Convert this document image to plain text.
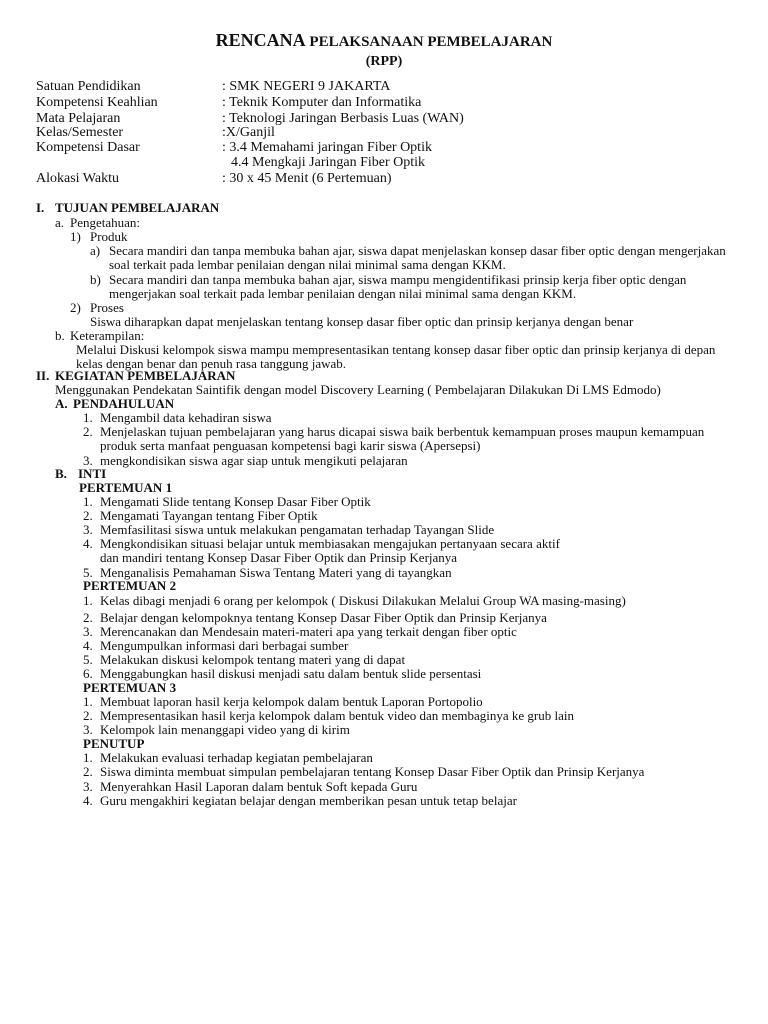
RENCANA PELAKSANAAN PEMBELAJARAN
(RPP)
Satuan Pendidikan	: SMK NEGERI 9 JAKARTA
Kompetensi Keahlian	: Teknik Komputer dan Informatika
Mata Pelajaran	: Teknologi Jaringan Berbasis Luas (WAN)
Kelas/Semester	:X/Ganjil
Kompetensi Dasar	: 3.4 Memahami jaringan Fiber Optik
4.4 Mengkaji Jaringan Fiber Optik
Alokasi Waktu	: 30 x 45 Menit (6 Pertemuan)
I. TUJUAN PEMBELAJARAN
a. Pengetahuan:
1) Produk
a) Secara mandiri dan tanpa membuka bahan ajar, siswa dapat menjelaskan konsep dasar fiber optic dengan mengerjakan
soal terkait pada lembar penilaian dengan nilai minimal sama dengan KKM.
b) Secara mandiri dan tanpa membuka bahan ajar, siswa mampu mengidentifikasi prinsip kerja fiber optic dengan
mengerjakan soal terkait pada lembar penilaian dengan nilai minimal sama dengan KKM.
2) Proses
Siswa diharapkan dapat menjelaskan tentang konsep dasar fiber optic dan prinsip kerjanya dengan benar
b. Keterampilan:
Melalui Diskusi kelompok siswa mampu mempresentasikan tentang konsep dasar fiber optic dan prinsip kerjanya di depan
kelas dengan benar dan penuh rasa tanggung jawab.
II. KEGIATAN PEMBELAJARAN
Menggunakan Pendekatan Saintifik dengan model Discovery Learning ( Pembelajaran Dilakukan Di LMS Edmodo)
A. PENDAHULUAN
1. Mengambil data kehadiran siswa
2. Menjelaskan tujuan pembelajaran yang harus dicapai siswa baik berbentuk kemampuan proses maupun kemampuan
produk serta manfaat penguasan kompetensi bagi karir siswa (Apersepsi)
3. mengkondisikan siswa agar siap untuk mengikuti pelajaran
B. INTI
PERTEMUAN 1
1. Mengamati Slide tentang Konsep Dasar Fiber Optik
2. Mengamati Tayangan tentang Fiber Optik
3. Memfasilitasi siswa untuk melakukan pengamatan terhadap Tayangan Slide
4. Mengkondisikan situasi belajar untuk membiasakan mengajukan pertanyaan secara aktif
dan mandiri tentang Konsep Dasar Fiber Optik dan Prinsip Kerjanya
5. Menganalisis Pemahaman Siswa Tentang Materi yang di tayangkan
PERTEMUAN 2
1. Kelas dibagi menjadi 6 orang per kelompok ( Diskusi Dilakukan Melalui Group WA masing-masing)
2. Belajar dengan kelompoknya tentang Konsep Dasar Fiber Optik dan Prinsip Kerjanya
3. Merencanakan dan Mendesain materi-materi apa yang terkait dengan fiber optic
4. Mengumpulkan informasi dari berbagai sumber
5. Melakukan diskusi kelompok tentang materi yang di dapat
6. Menggabungkan hasil diskusi menjadi satu dalam bentuk slide persentasi
PERTEMUAN 3
1. Membuat laporan hasil kerja kelompok dalam bentuk Laporan Portopolio
2. Mempresentasikan hasil kerja kelompok dalam bentuk video dan membaginya ke grub lain
3. Kelompok lain menanggapi video yang di kirim
PENUTUP
1. Melakukan evaluasi terhadap kegiatan pembelajaran
2. Siswa diminta membuat simpulan pembelajaran tentang Konsep Dasar Fiber Optik dan Prinsip Kerjanya
3. Menyerahkan Hasil Laporan dalam bentuk Soft kepada Guru
4. Guru mengakhiri kegiatan belajar dengan memberikan pesan untuk tetap belajar
